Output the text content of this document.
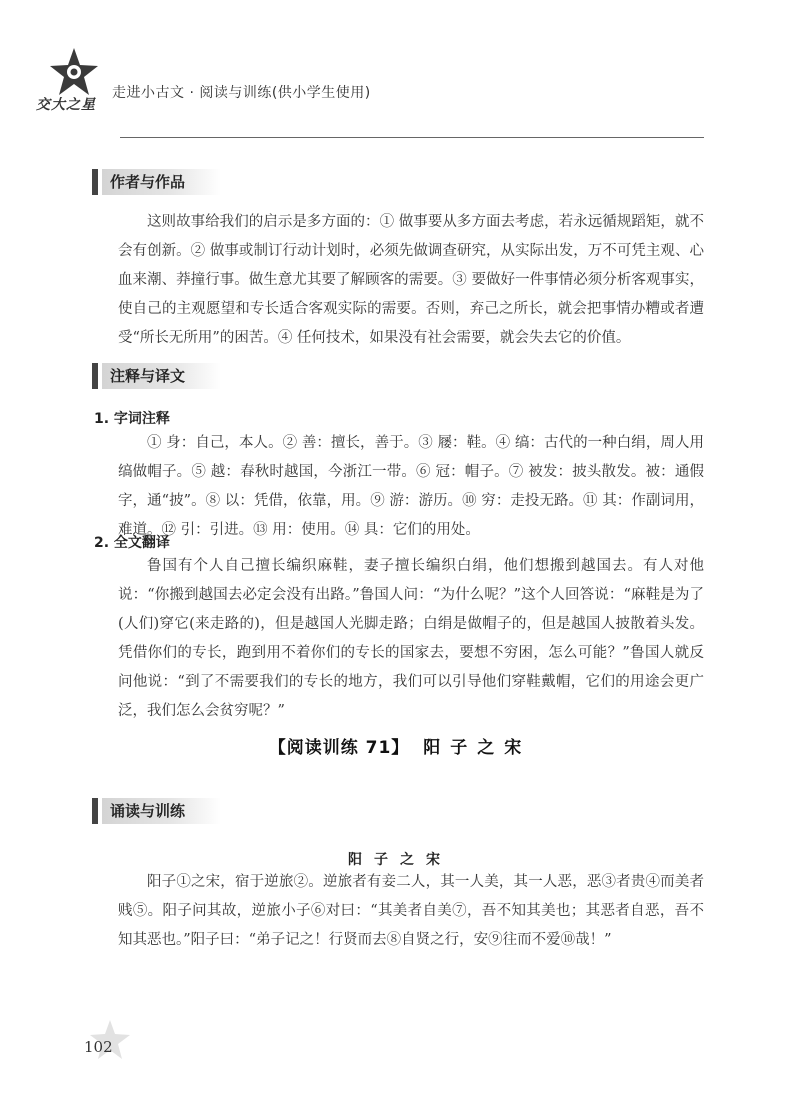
交大之星
走进小古文 · 阅读与训练(供小学生使用)
作者与作品

这则故事给我们的启示是多方面的：① 做事要从多方面去考虑，若永远循规蹈矩，就不会有创新。② 做事或制订行动计划时，必须先做调查研究，从实际出发，万不可凭主观、心血来潮、莽撞行事。做生意尤其要了解顾客的需要。③ 要做好一件事情必须分析客观事实，使自己的主观愿望和专长适合客观实际的需要。否则，弃己之所长，就会把事情办糟或者遭受“所长无所用”的困苦。④ 任何技术，如果没有社会需要，就会失去它的价值。

注释与译文
1. 字词注释

① 身：自己，本人。② 善：擅长，善于。③ 屦：鞋。④ 缟：古代的一种白绢，周人用缟做帽子。⑤ 越：春秋时越国，今浙江一带。⑥ 冠：帽子。⑦ 被发：披头散发。被：通假字，通“披”。⑧ 以：凭借，依靠，用。⑨ 游：游历。⑩ 穷：走投无路。⑪ 其：作副词用，难道。⑫ 引：引进。⑬ 用：使用。⑭ 具：它们的用处。

2. 全文翻译

鲁国有个人自己擅长编织麻鞋，妻子擅长编织白绢，他们想搬到越国去。有人对他说：“你搬到越国去必定会没有出路。”鲁国人问：“为什么呢？”这个人回答说：“麻鞋是为了(人们)穿它(来走路的)，但是越国人光脚走路；白绢是做帽子的，但是越国人披散着头发。凭借你们的专长，跑到用不着你们的专长的国家去，要想不穷困，怎么可能？”鲁国人就反问他说：“到了不需要我们的专长的地方，我们可以引导他们穿鞋戴帽，它们的用途会更广泛，我们怎么会贫穷呢？”

【阅读训练 71】 阳子之宋
诵读与训练
阳子之宋

阳子①之宋，宿于逆旅②。逆旅者有妾二人，其一人美，其一人恶，恶③者贵④而美者贱⑤。阳子问其故，逆旅小子⑥对曰：“其美者自美⑦，吾不知其美也；其恶者自恶，吾不知其恶也。”阳子曰：“弟子记之！行贤而去⑧自贤之行，安⑨往而不爱⑩哉！”

102
